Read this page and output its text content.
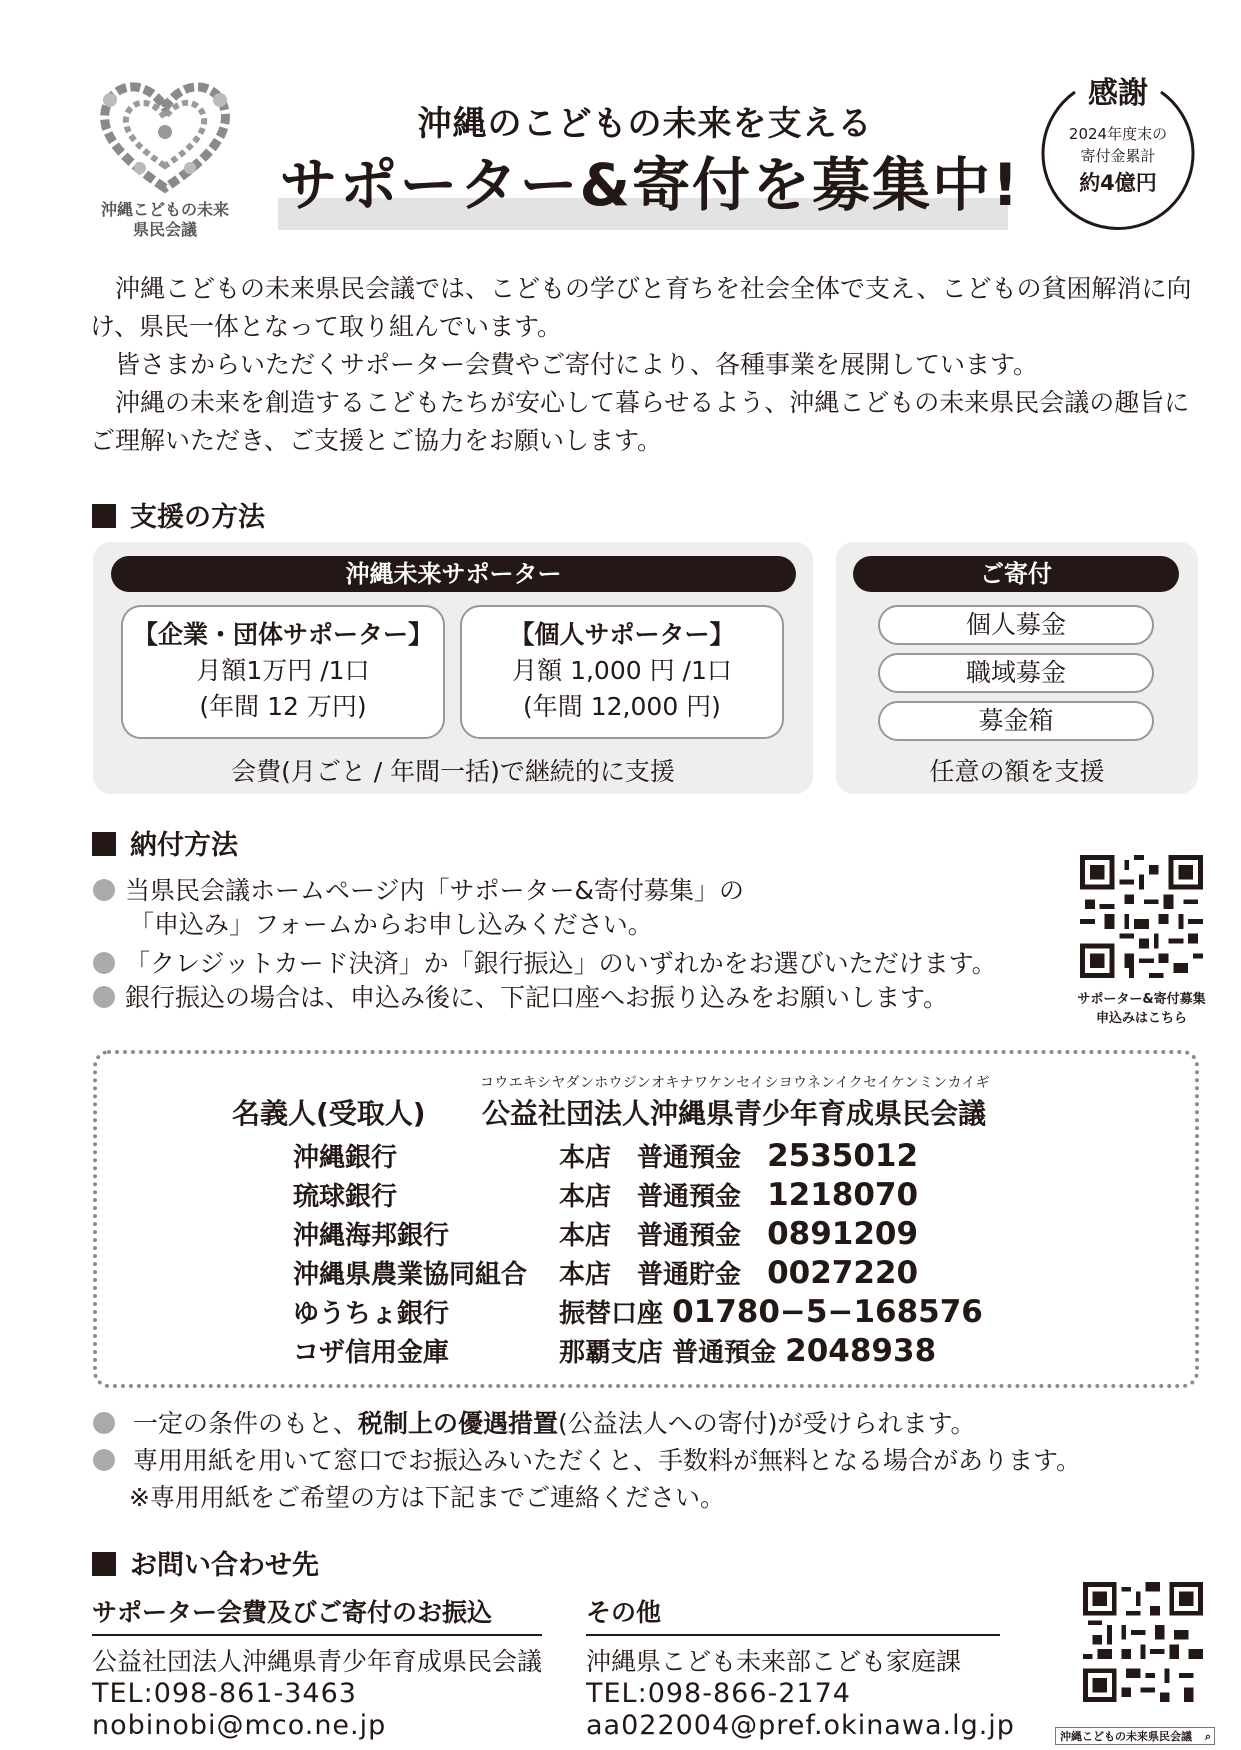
沖縄こどもの未来
県民会議
沖縄のこどもの未来を支える
サポーター&寄付を募集中!
感謝
2024年度末の
寄付金累計
約4億円

　沖縄こどもの未来県民会議では、こどもの学びと育ちを社会全体で支え、こどもの貧困解消に向け、県民一体となって取り組んでいます。

　皆さまからいただくサポーター会費やご寄付により、各種事業を展開しています。

　沖縄の未来を創造するこどもたちが安心して暮らせるよう、沖縄こどもの未来県民会議の趣旨にご理解いただき、ご支援とご協力をお願いします。

支援の方法
沖縄未来サポーター
【企業・団体サポーター】
月額1万円 /1口
(年間 12 万円)
【個人サポーター】
月額 1,000 円 /1口
(年間 12,000 円)
会費(月ごと / 年間一括)で継続的に支援
ご寄付
個人募金
職域募金
募金箱
任意の額を支援
納付方法
当県民会議ホームページ内「サポーター&寄付募集」の
「申込み」フォームからお申し込みください。
「クレジットカード決済」か「銀行振込」のいずれかをお選びいただけます。
銀行振込の場合は、申込み後に、下記口座へお振り込みをお願いします。	サポーター&寄付募集
申込みはこちら
コウエキシヤダンホウジンオキナワケンセイシヨウネンイクセイケンミンカイギ
名義人(受取人) 公益社団法人沖縄県青少年育成県民会議
沖縄銀行	本店　 普通預金　 2535012
琉球銀行	本店　 普通預金　 1218070
沖縄海邦銀行	本店　 普通預金　 0891209
沖縄県農業協同組合 本店　 普通貯金　 0027220
ゆうちょ銀行	振替口座 01780−5−168576
コザ信用金庫	那覇支店 普通預金 2048938
一定の条件のもと、税制上の優遇措置(公益法人への寄付)が受けられます。
専用用紙を用いて窓口でお振込みいただくと、手数料が無料となる場合があります。
※専用用紙をご希望の方は下記までご連絡ください。
お問い合わせ先
サポーター会費及びご寄付のお振込
公益社団法人沖縄県青少年育成県民会議
TEL:098-861-3463
nobinobi@mco.ne.jp
その他
沖縄県こども未来部こども家庭課
TEL:098-866-2174
aa022004@pref.okinawa.lg.jp	沖縄こどもの未来県民会議 ⌕
